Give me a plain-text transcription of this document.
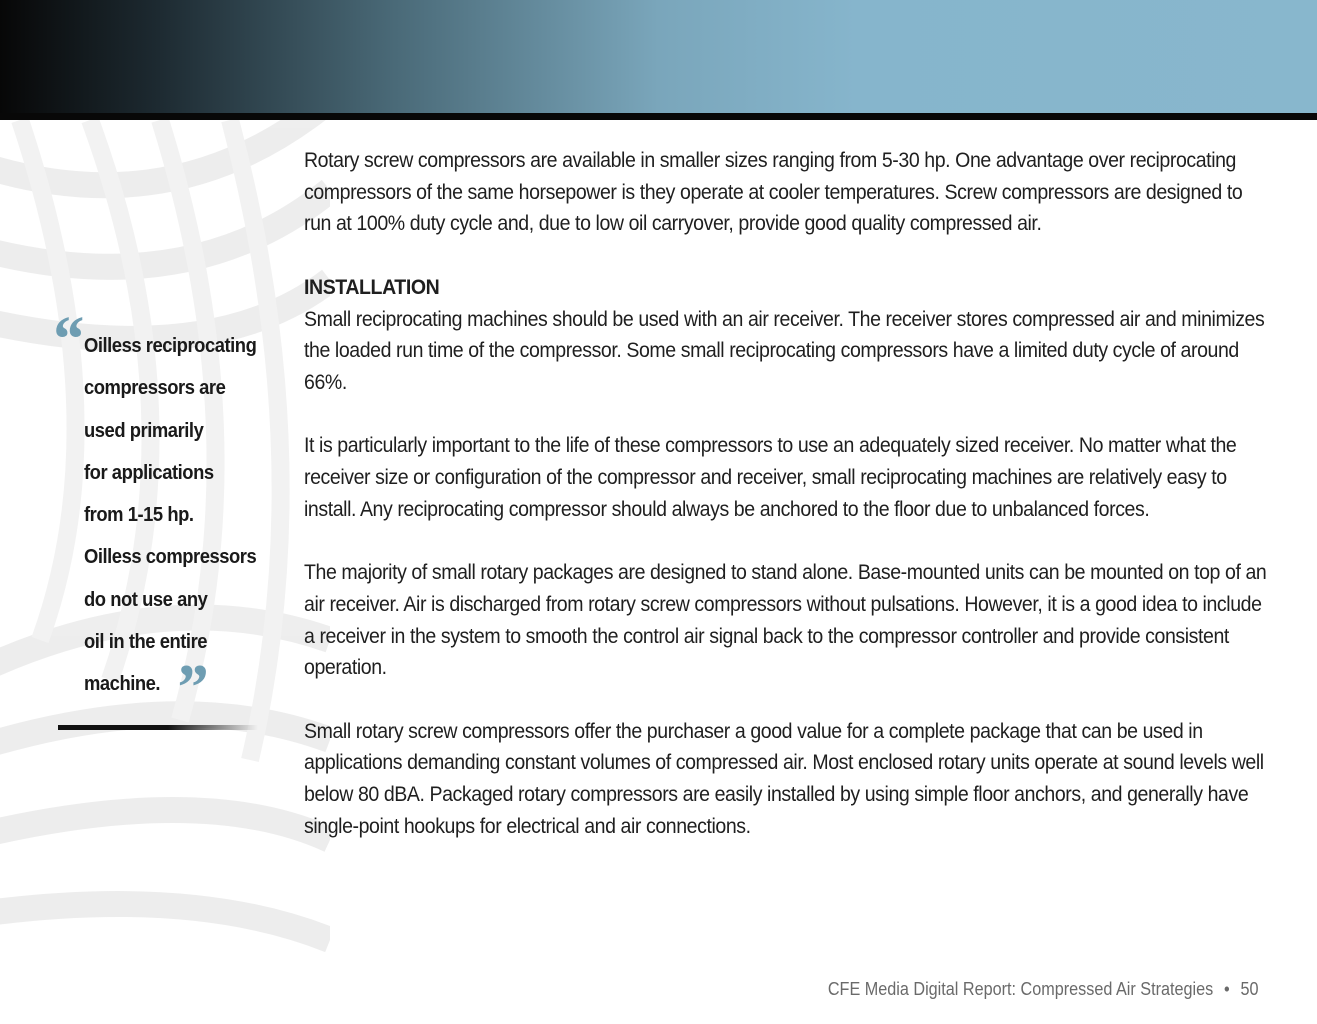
Rotary screw compressors are available in smaller sizes ranging from 5-30 hp. One advantage over reciprocating compressors of the same horsepower is they operate at cooler temperatures. Screw compressors are designed to run at 100% duty cycle and, due to low oil carryover, provide good quality compressed air.

INSTALLATION

Small reciprocating machines should be used with an air receiver. The receiver stores compressed air and minimizes the loaded run time of the compressor. Some small reciprocating compressors have a limited duty cycle of around 66%.

It is particularly important to the life of these compressors to use an adequately sized receiver. No matter what the receiver size or configuration of the compressor and receiver, small reciprocating machines are relatively easy to install. Any reciprocating compressor should always be anchored to the floor due to unbalanced forces.

The majority of small rotary packages are designed to stand alone. Base-mounted units can be mounted on top of an air receiver. Air is discharged from rotary screw compressors without pulsations. However, it is a good idea to include a receiver in the system to smooth the control air signal back to the compressor controller and provide consistent operation.

Small rotary screw compressors offer the purchaser a good value for a complete package that can be used in applications demanding constant volumes of compressed air. Most enclosed rotary units operate at sound levels well below 80 dBA. Packaged rotary compressors are easily installed by using simple floor anchors, and generally have single-point hookups for electrical and air connections.

“ Oilless reciprocating
compressors are
used primarily
for applications
from 1-15 hp.
Oilless compressors
do not use any
oil in the entire
machine. ”
CFE Media Digital Report: Compressed Air Strategies • 50
